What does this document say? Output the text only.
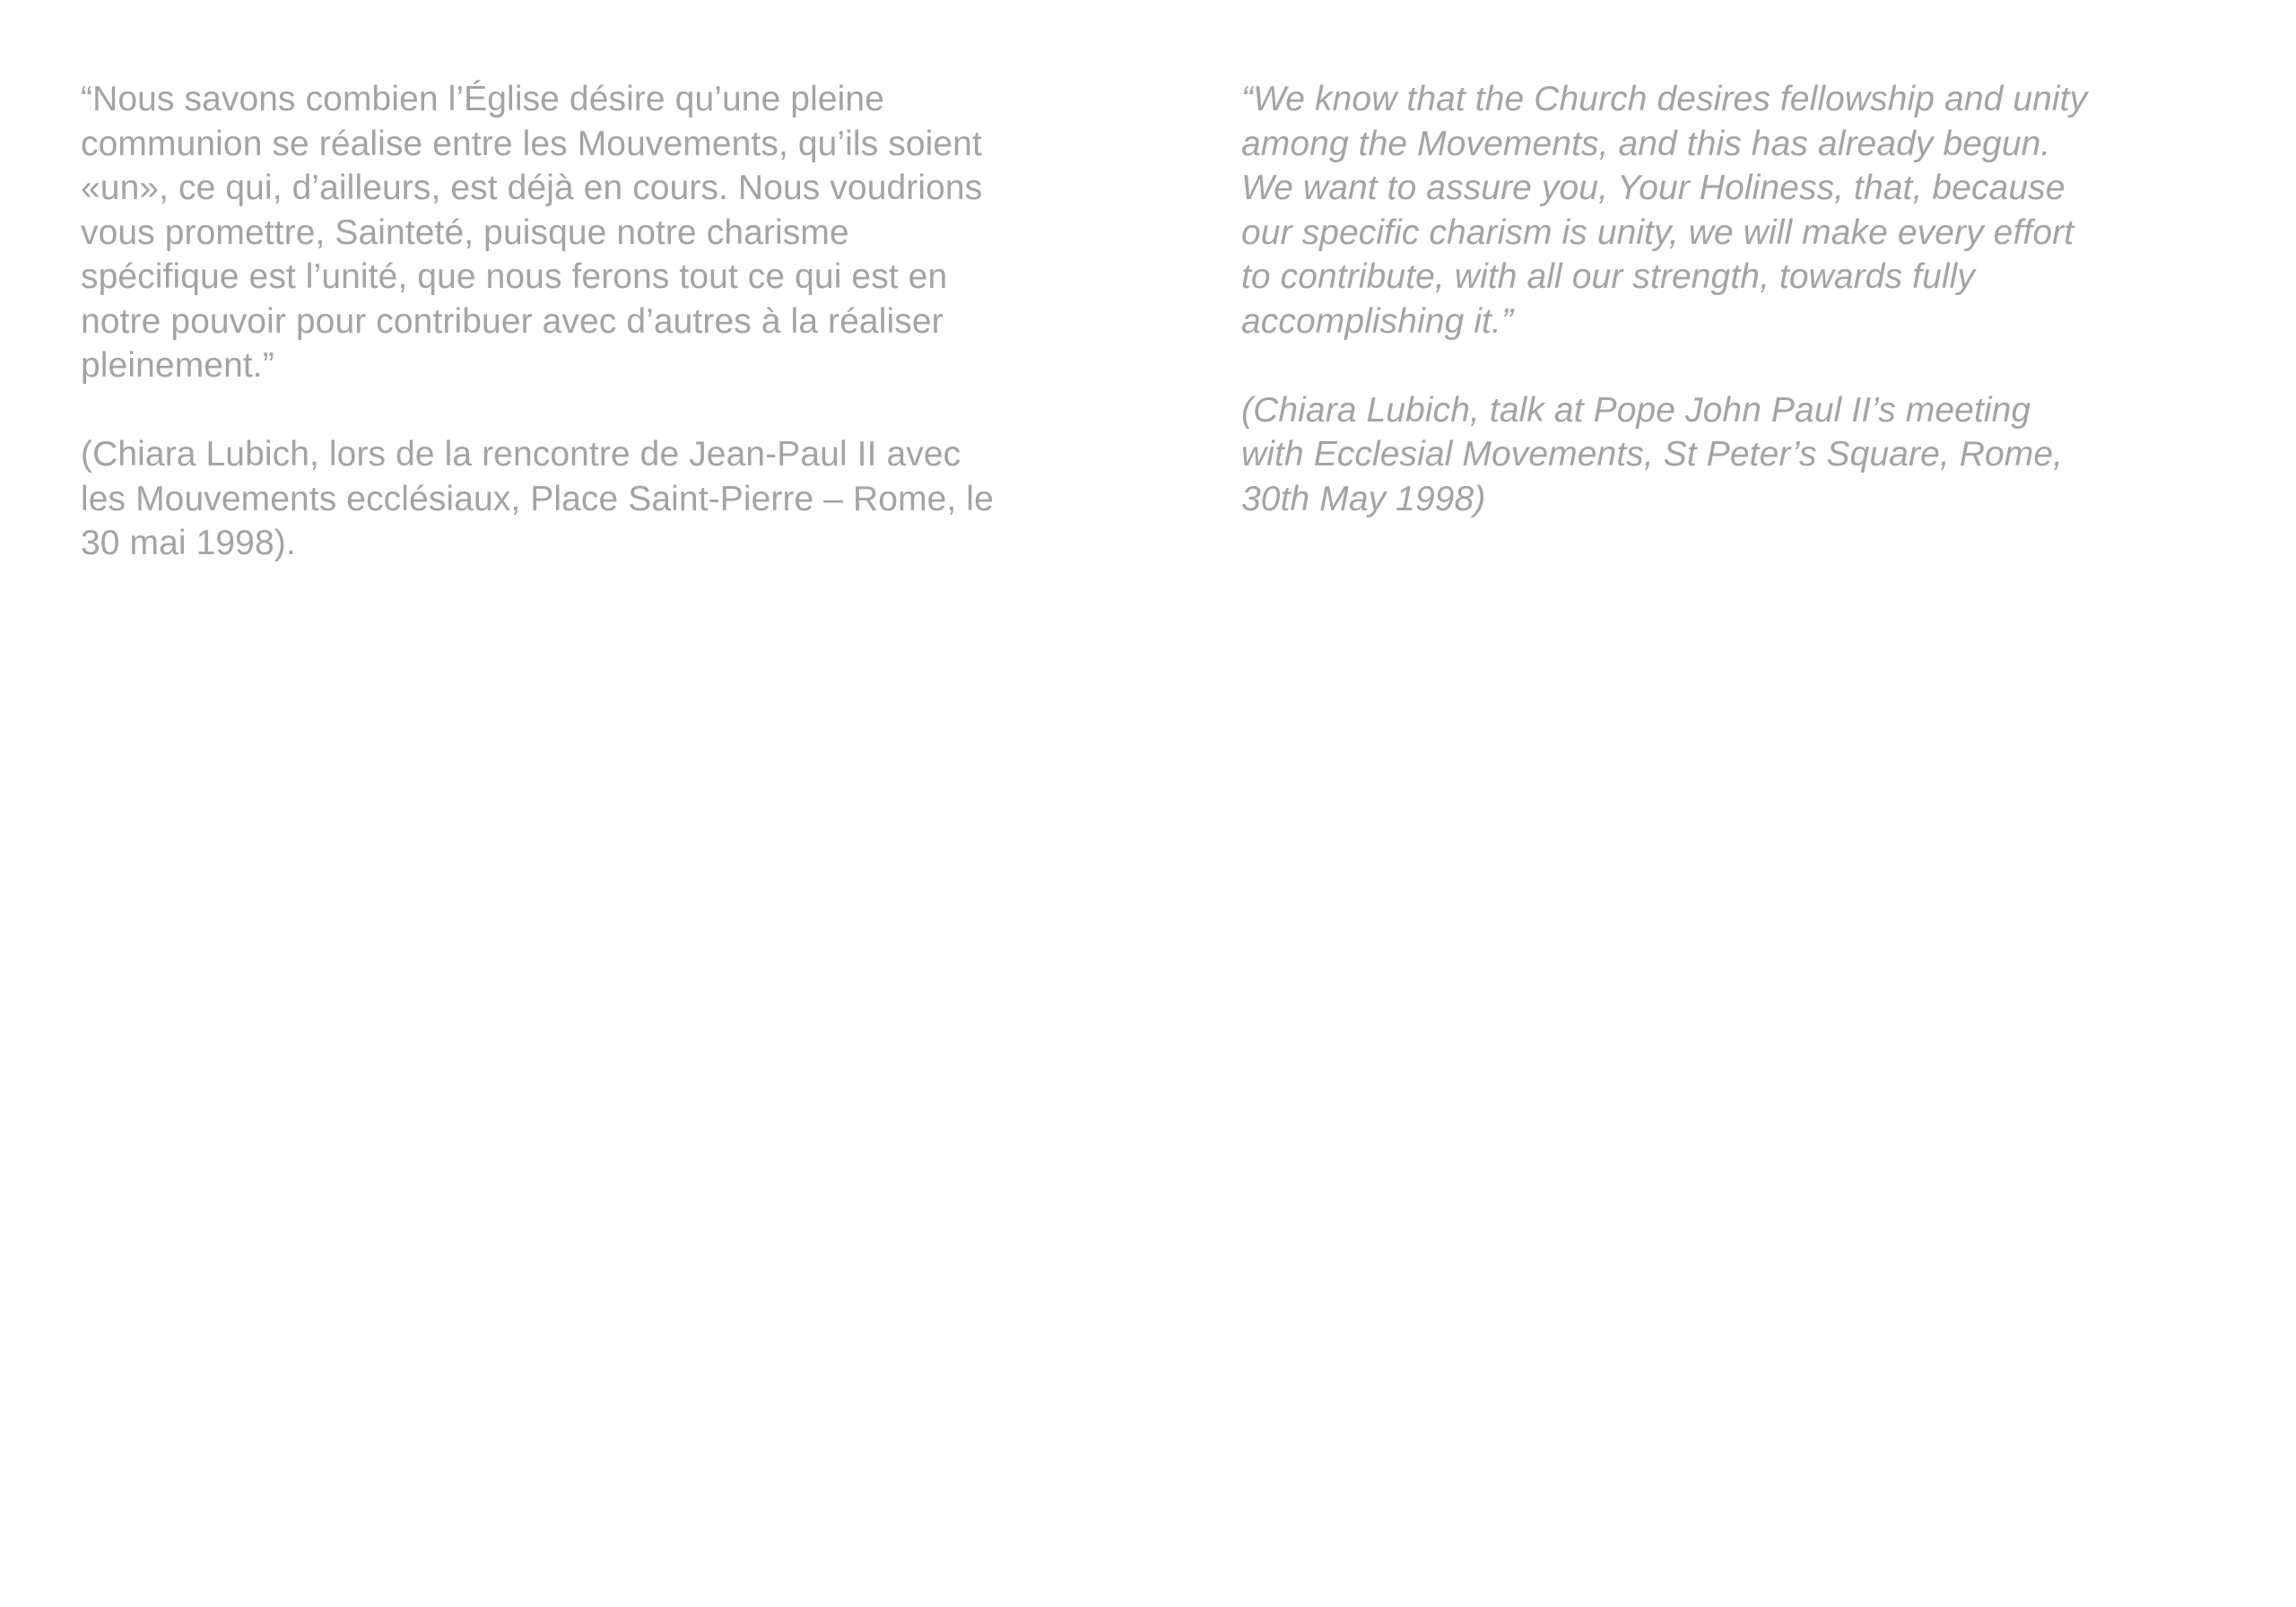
“Nous savons combien l’Église désire qu’une pleine
communion se réalise entre les Mouvements, qu’ils soient
«un», ce qui, d’ailleurs, est déjà en cours. Nous voudrions
vous promettre, Sainteté, puisque notre charisme
spécifique est l’unité, que nous ferons tout ce qui est en
notre pouvoir pour contribuer avec d’autres à la réaliser
pleinement.”
(Chiara Lubich, lors de la rencontre de Jean-Paul II avec
les Mouvements ecclésiaux, Place Saint-Pierre – Rome, le
30 mai 1998).
“We know that the Church desires fellowship and unity
among the Movements, and this has already begun.
We want to assure you, Your Holiness, that, because
our specific charism is unity, we will make every effort
to contribute, with all our strength, towards fully
accomplishing it.”
(Chiara Lubich, talk at Pope John Paul II’s meeting
with Ecclesial Movements, St Peter’s Square, Rome,
30th May 1998)
